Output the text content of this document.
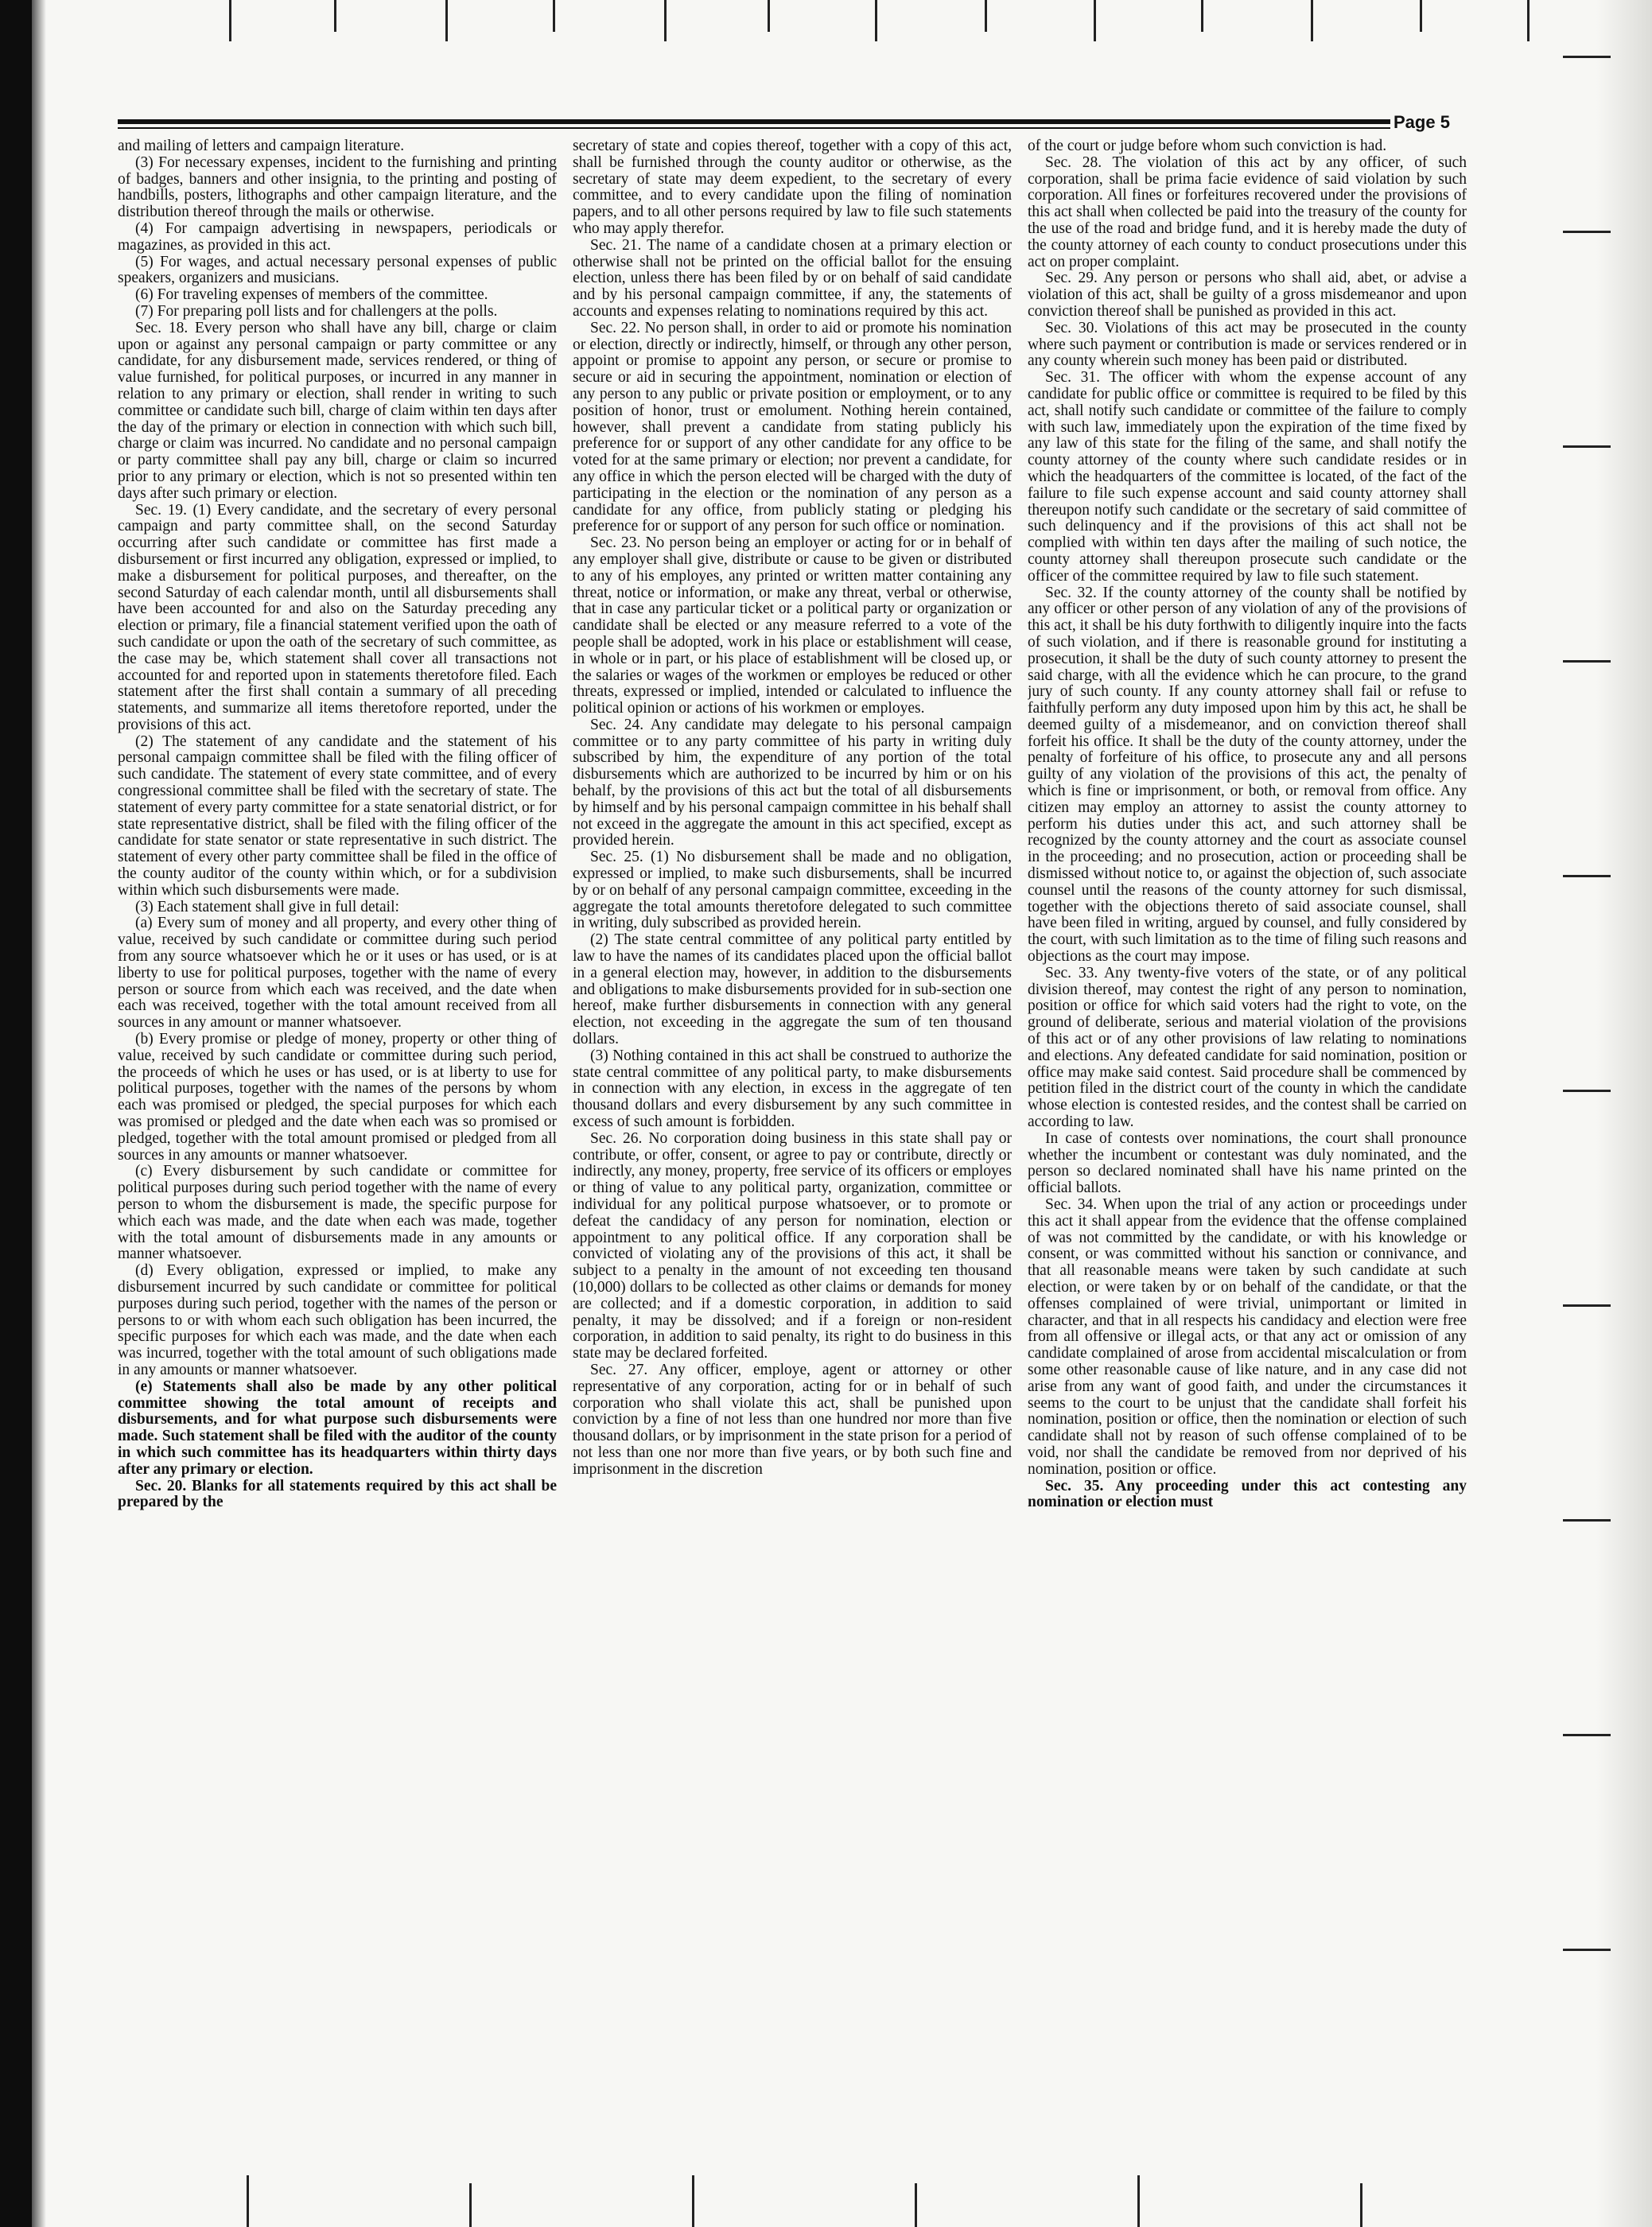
Page 5

and mailing of letters and campaign literature.

(3) For necessary expenses, incident to the furnishing and printing of badges, banners and other insignia, to the printing and posting of handbills, posters, lithographs and other campaign literature, and the distribution thereof through the mails or otherwise.

(4) For campaign advertising in newspapers, periodicals or magazines, as provided in this act.

(5) For wages, and actual necessary personal expenses of public speakers, organizers and musicians.

(6) For traveling expenses of members of the committee.

(7) For preparing poll lists and for challengers at the polls.

Sec. 18. Every person who shall have any bill, charge or claim upon or against any personal campaign or party committee or any candidate, for any disbursement made, services rendered, or thing of value furnished, for political purposes, or incurred in any manner in relation to any primary or election, shall render in writing to such committee or candidate such bill, charge of claim within ten days after the day of the primary or election in connection with which such bill, charge or claim was incurred. No candidate and no personal campaign or party committee shall pay any bill, charge or claim so incurred prior to any primary or election, which is not so presented within ten days after such primary or election.

Sec. 19. (1) Every candidate, and the secretary of every personal campaign and party committee shall, on the second Saturday occurring after such candidate or committee has first made a disbursement or first incurred any obligation, expressed or implied, to make a disbursement for political purposes, and thereafter, on the second Saturday of each calendar month, until all disbursements shall have been accounted for and also on the Saturday preceding any election or primary, file a financial statement verified upon the oath of such candidate or upon the oath of the secretary of such committee, as the case may be, which statement shall cover all transactions not accounted for and reported upon in statements theretofore filed. Each statement after the first shall contain a summary of all preceding statements, and summarize all items theretofore reported, under the provisions of this act.

(2) The statement of any candidate and the statement of his personal campaign committee shall be filed with the filing officer of such candidate. The statement of every state committee, and of every congressional committee shall be filed with the secretary of state. The statement of every party committee for a state senatorial district, or for state representative district, shall be filed with the filing officer of the candidate for state senator or state representative in such district. The statement of every other party committee shall be filed in the office of the county auditor of the county within which, or for a subdivision within which such disbursements were made.

(3) Each statement shall give in full detail:

(a) Every sum of money and all property, and every other thing of value, received by such candidate or committee during such period from any source whatsoever which he or it uses or has used, or is at liberty to use for political purposes, together with the name of every person or source from which each was received, and the date when each was received, together with the total amount received from all sources in any amount or manner whatsoever.

(b) Every promise or pledge of money, property or other thing of value, received by such candidate or committee during such period, the proceeds of which he uses or has used, or is at liberty to use for political purposes, together with the names of the persons by whom each was promised or pledged, the special purposes for which each was promised or pledged and the date when each was so promised or pledged, together with the total amount promised or pledged from all sources in any amounts or manner whatsoever.

(c) Every disbursement by such candidate or committee for political purposes during such period together with the name of every person to whom the disbursement is made, the specific purpose for which each was made, and the date when each was made, together with the total amount of disbursements made in any amounts or manner whatsoever.

(d) Every obligation, expressed or implied, to make any disbursement incurred by such candidate or committee for political purposes during such period, together with the names of the person or persons to or with whom each such obligation has been incurred, the specific purposes for which each was made, and the date when each was incurred, together with the total amount of such obligations made in any amounts or manner whatsoever.

(e) Statements shall also be made by any other political committee showing the total amount of receipts and disbursements, and for what purpose such disbursements were made. Such statement shall be filed with the auditor of the county in which such committee has its headquarters within thirty days after any primary or election.

Sec. 20. Blanks for all statements required by this act shall be prepared by the

secretary of state and copies thereof, together with a copy of this act, shall be furnished through the county auditor or otherwise, as the secretary of state may deem expedient, to the secretary of every committee, and to every candidate upon the filing of nomination papers, and to all other persons required by law to file such statements who may apply therefor.

Sec. 21. The name of a candidate chosen at a primary election or otherwise shall not be printed on the official ballot for the ensuing election, unless there has been filed by or on behalf of said candidate and by his personal campaign committee, if any, the statements of accounts and expenses relating to nominations required by this act.

Sec. 22. No person shall, in order to aid or promote his nomination or election, directly or indirectly, himself, or through any other person, appoint or promise to appoint any person, or secure or promise to secure or aid in securing the appointment, nomination or election of any person to any public or private position or employment, or to any position of honor, trust or emolument. Nothing herein contained, however, shall prevent a candidate from stating publicly his preference for or support of any other candidate for any office to be voted for at the same primary or election; nor prevent a candidate, for any office in which the person elected will be charged with the duty of participating in the election or the nomination of any person as a candidate for any office, from publicly stating or pledging his preference for or support of any person for such office or nomination.

Sec. 23. No person being an employer or acting for or in behalf of any employer shall give, distribute or cause to be given or distributed to any of his employes, any printed or written matter containing any threat, notice or information, or make any threat, verbal or otherwise, that in case any particular ticket or a political party or organization or candidate shall be elected or any measure referred to a vote of the people shall be adopted, work in his place or establishment will cease, in whole or in part, or his place of establishment will be closed up, or the salaries or wages of the workmen or employes be reduced or other threats, expressed or implied, intended or calculated to influence the political opinion or actions of his workmen or employes.

Sec. 24. Any candidate may delegate to his personal campaign committee or to any party committee of his party in writing duly subscribed by him, the expenditure of any portion of the total disbursements which are authorized to be incurred by him or on his behalf, by the provisions of this act but the total of all disbursements by himself and by his personal campaign committee in his behalf shall not exceed in the aggregate the amount in this act specified, except as provided herein.

Sec. 25. (1) No disbursement shall be made and no obligation, expressed or implied, to make such disbursements, shall be incurred by or on behalf of any personal campaign committee, exceeding in the aggregate the total amounts theretofore delegated to such committee in writing, duly subscribed as provided herein.

(2) The state central committee of any political party entitled by law to have the names of its candidates placed upon the official ballot in a general election may, however, in addition to the disbursements and obligations to make disbursements provided for in sub-section one hereof, make further disbursements in connection with any general election, not exceeding in the aggregate the sum of ten thousand dollars.

(3) Nothing contained in this act shall be construed to authorize the state central committee of any political party, to make disbursements in connection with any election, in excess in the aggregate of ten thousand dollars and every disbursement by any such committee in excess of such amount is forbidden.

Sec. 26. No corporation doing business in this state shall pay or contribute, or offer, consent, or agree to pay or contribute, directly or indirectly, any money, property, free service of its officers or employes or thing of value to any political party, organization, committee or individual for any political purpose whatsoever, or to promote or defeat the candidacy of any person for nomination, election or appointment to any political office. If any corporation shall be convicted of violating any of the provisions of this act, it shall be subject to a penalty in the amount of not exceeding ten thousand (10,000) dollars to be collected as other claims or demands for money are collected; and if a domestic corporation, in addition to said penalty, it may be dissolved; and if a foreign or non-resident corporation, in addition to said penalty, its right to do business in this state may be declared forfeited.

Sec. 27. Any officer, employe, agent or attorney or other representative of any corporation, acting for or in behalf of such corporation who shall violate this act, shall be punished upon conviction by a fine of not less than one hundred nor more than five thousand dollars, or by imprisonment in the state prison for a period of not less than one nor more than five years, or by both such fine and imprisonment in the discretion

of the court or judge before whom such conviction is had.

Sec. 28. The violation of this act by any officer, of such corporation, shall be prima facie evidence of said violation by such corporation. All fines or forfeitures recovered under the provisions of this act shall when collected be paid into the treasury of the county for the use of the road and bridge fund, and it is hereby made the duty of the county attorney of each county to conduct prosecutions under this act on proper complaint.

Sec. 29. Any person or persons who shall aid, abet, or advise a violation of this act, shall be guilty of a gross misdemeanor and upon conviction thereof shall be punished as provided in this act.

Sec. 30. Violations of this act may be prosecuted in the county where such payment or contribution is made or services rendered or in any county wherein such money has been paid or distributed.

Sec. 31. The officer with whom the expense account of any candidate for public office or committee is required to be filed by this act, shall notify such candidate or committee of the failure to comply with such law, immediately upon the expiration of the time fixed by any law of this state for the filing of the same, and shall notify the county attorney of the county where such candidate resides or in which the headquarters of the committee is located, of the fact of the failure to file such expense account and said county attorney shall thereupon notify such candidate or the secretary of said committee of such delinquency and if the provisions of this act shall not be complied with within ten days after the mailing of such notice, the county attorney shall thereupon prosecute such candidate or the officer of the committee required by law to file such statement.

Sec. 32. If the county attorney of the county shall be notified by any officer or other person of any violation of any of the provisions of this act, it shall be his duty forthwith to diligently inquire into the facts of such violation, and if there is reasonable ground for instituting a prosecution, it shall be the duty of such county attorney to present the said charge, with all the evidence which he can procure, to the grand jury of such county. If any county attorney shall fail or refuse to faithfully perform any duty imposed upon him by this act, he shall be deemed guilty of a misdemeanor, and on conviction thereof shall forfeit his office. It shall be the duty of the county attorney, under the penalty of forfeiture of his office, to prosecute any and all persons guilty of any violation of the provisions of this act, the penalty of which is fine or imprisonment, or both, or removal from office. Any citizen may employ an attorney to assist the county attorney to perform his duties under this act, and such attorney shall be recognized by the county attorney and the court as associate counsel in the proceeding; and no prosecution, action or proceeding shall be dismissed without notice to, or against the objection of, such associate counsel until the reasons of the county attorney for such dismissal, together with the objections thereto of said associate counsel, shall have been filed in writing, argued by counsel, and fully considered by the court, with such limitation as to the time of filing such reasons and objections as the court may impose.

Sec. 33. Any twenty-five voters of the state, or of any political division thereof, may contest the right of any person to nomination, position or office for which said voters had the right to vote, on the ground of deliberate, serious and material violation of the provisions of this act or of any other provisions of law relating to nominations and elections. Any defeated candidate for said nomination, position or office may make said contest. Said procedure shall be commenced by petition filed in the district court of the county in which the candidate whose election is contested resides, and the contest shall be carried on according to law.

In case of contests over nominations, the court shall pronounce whether the incumbent or contestant was duly nominated, and the person so declared nominated shall have his name printed on the official ballots.

Sec. 34. When upon the trial of any action or proceedings under this act it shall appear from the evidence that the offense complained of was not committed by the candidate, or with his knowledge or consent, or was committed without his sanction or connivance, and that all reasonable means were taken by such candidate at such election, or were taken by or on behalf of the candidate, or that the offenses complained of were trivial, unimportant or limited in character, and that in all respects his candidacy and election were free from all offensive or illegal acts, or that any act or omission of any candidate complained of arose from accidental miscalculation or from some other reasonable cause of like nature, and in any case did not arise from any want of good faith, and under the circumstances it seems to the court to be unjust that the candidate shall forfeit his nomination, position or office, then the nomination or election of such candidate shall not by reason of such offense complained of to be void, nor shall the candidate be removed from nor deprived of his nomination, position or office.

Sec. 35. Any proceeding under this act contesting any nomination or election must
